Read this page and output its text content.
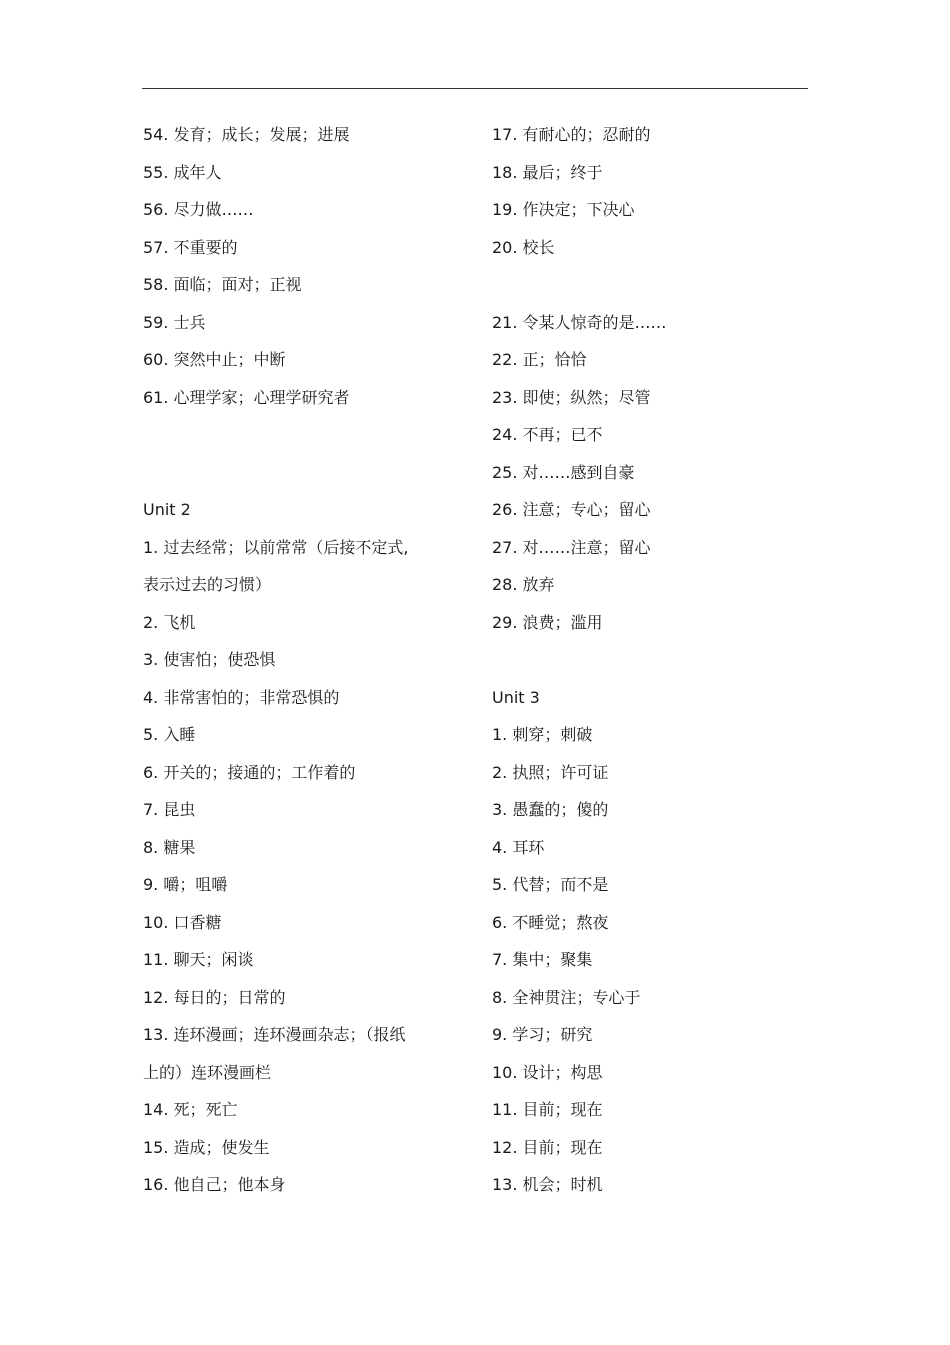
54. 发育；成长；发展；进展
55. 成年人
56. 尽力做……
57. 不重要的
58. 面临；面对；正视
59. 士兵
60. 突然中止；中断
61. 心理学家；心理学研究者
Unit 2
1. 过去经常；以前常常（后接不定式,
表示过去的习惯）
2. 飞机
3. 使害怕；使恐惧
4. 非常害怕的；非常恐惧的
5. 入睡
6. 开关的；接通的；工作着的
7. 昆虫
8. 糖果
9. 嚼；咀嚼
10. 口香糖
11. 聊天；闲谈
12. 每日的；日常的
13. 连环漫画；连环漫画杂志；（报纸
上的）连环漫画栏
14. 死；死亡
15. 造成；使发生
16. 他自己；他本身
17. 有耐心的；忍耐的
18. 最后；终于
19. 作决定；下决心
20. 校长
21. 令某人惊奇的是……
22. 正；恰恰
23. 即使；纵然；尽管
24. 不再；已不
25. 对……感到自豪
26. 注意；专心；留心
27. 对……注意；留心
28. 放弃
29. 浪费；滥用
Unit 3
1. 刺穿；刺破
2. 执照；许可证
3. 愚蠢的；傻的
4. 耳环
5. 代替；而不是
6. 不睡觉；熬夜
7. 集中；聚集
8. 全神贯注；专心于
9. 学习；研究
10. 设计；构思
11. 目前；现在
12. 目前；现在
13. 机会；时机
